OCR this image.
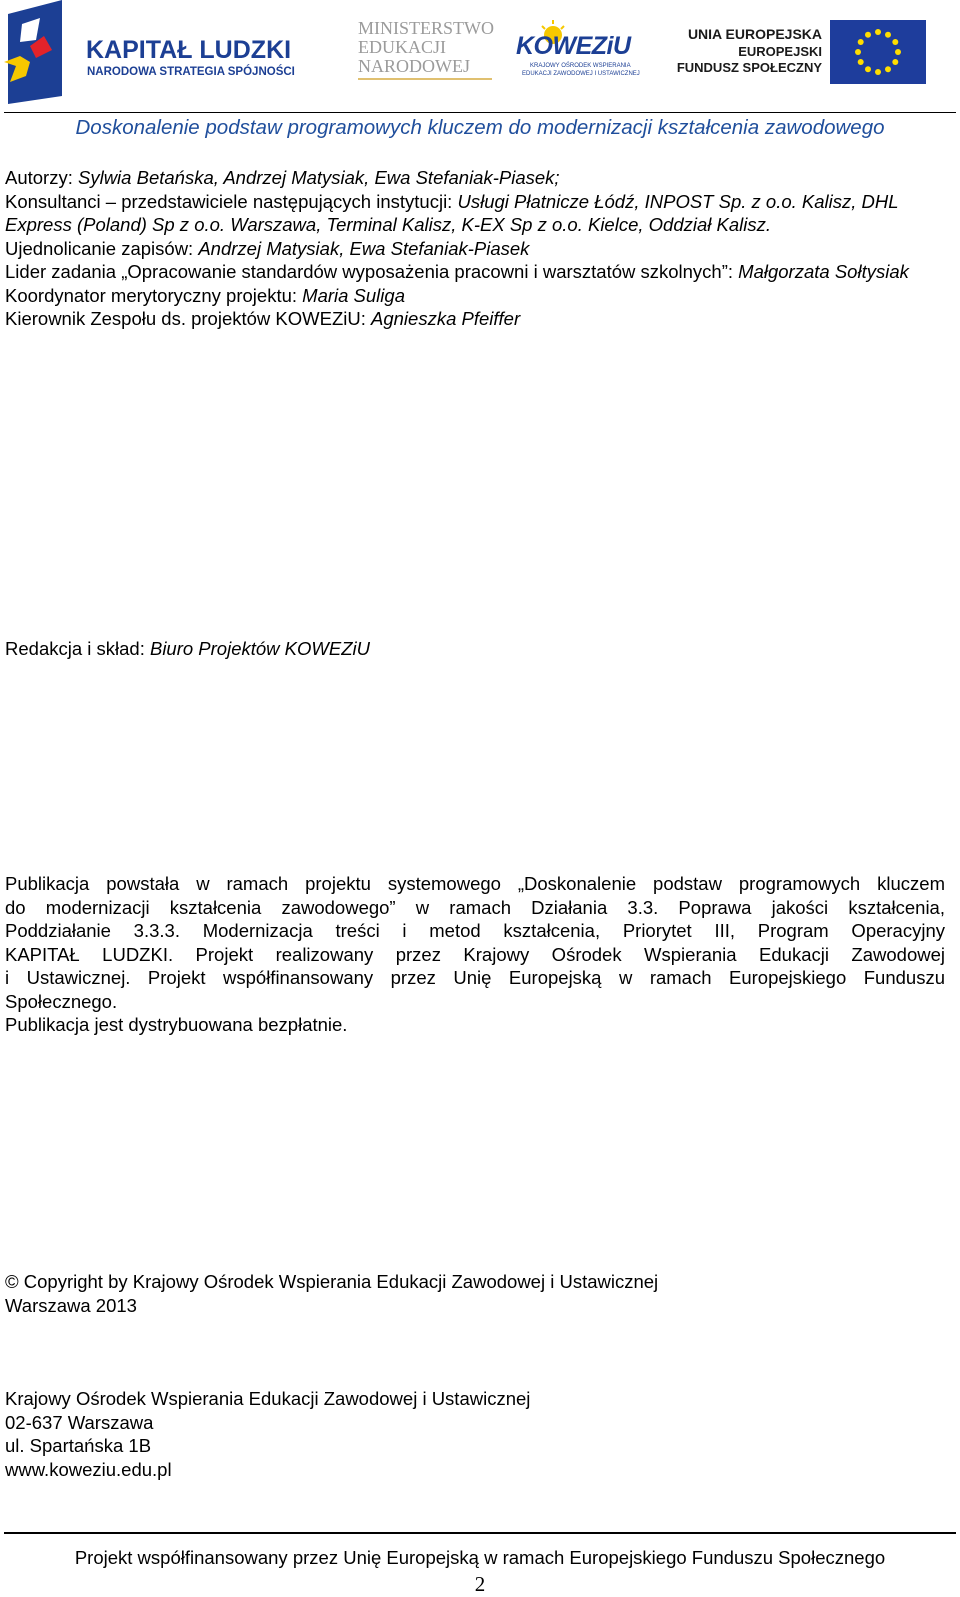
KAPITAŁ LUDZKI
NARODOWA STRATEGIA SPÓJNOŚCI
MINISTERSTWO
EDUKACJI
NARODOWEJ
KOWEZiU
KRAJOWY OŚRODEK WSPIERANIA
EDUKACJI ZAWODOWEJ I USTAWICZNEJ
UNIA EUROPEJSKA
EUROPEJSKI
FUNDUSZ SPOŁECZNY
Doskonalenie podstaw programowych kluczem do modernizacji kształcenia zawodowego

Autorzy: Sylwia Betańska, Andrzej Matysiak, Ewa Stefaniak-Piasek;

Konsultanci – przedstawiciele następujących instytucji: Usługi Płatnicze Łódź, INPOST Sp. z o.o. Kalisz, DHL Express (Poland) Sp z o.o. Warszawa, Terminal Kalisz, K-EX Sp z o.o. Kielce, Oddział Kalisz.

Ujednolicanie zapisów: Andrzej Matysiak, Ewa Stefaniak-Piasek

Lider zadania „Opracowanie standardów wyposażenia pracowni i warsztatów szkolnych”: Małgorzata Sołtysiak

Koordynator merytoryczny projektu: Maria Suliga

Kierownik Zespołu ds. projektów KOWEZiU: Agnieszka Pfeiffer

Redakcja i skład: Biuro Projektów KOWEZiU

Publikacja powstała w ramach projektu systemowego „Doskonalenie podstaw programowych kluczem

do modernizacji kształcenia zawodowego” w ramach Działania 3.3. Poprawa jakości kształcenia,

Poddziałanie 3.3.3. Modernizacja treści i metod kształcenia, Priorytet III, Program Operacyjny

KAPITAŁ LUDZKI. Projekt realizowany przez Krajowy Ośrodek Wspierania Edukacji Zawodowej

i Ustawicznej. Projekt współfinansowany przez Unię Europejską w ramach Europejskiego Funduszu

Społecznego.

Publikacja jest dystrybuowana bezpłatnie.

© Copyright by Krajowy Ośrodek Wspierania Edukacji Zawodowej i Ustawicznej

Warszawa 2013

Krajowy Ośrodek Wspierania Edukacji Zawodowej i Ustawicznej

02-637 Warszawa

ul. Spartańska 1B

www.koweziu.edu.pl

Projekt współfinansowany przez Unię Europejską w ramach Europejskiego Funduszu Społecznego
2
